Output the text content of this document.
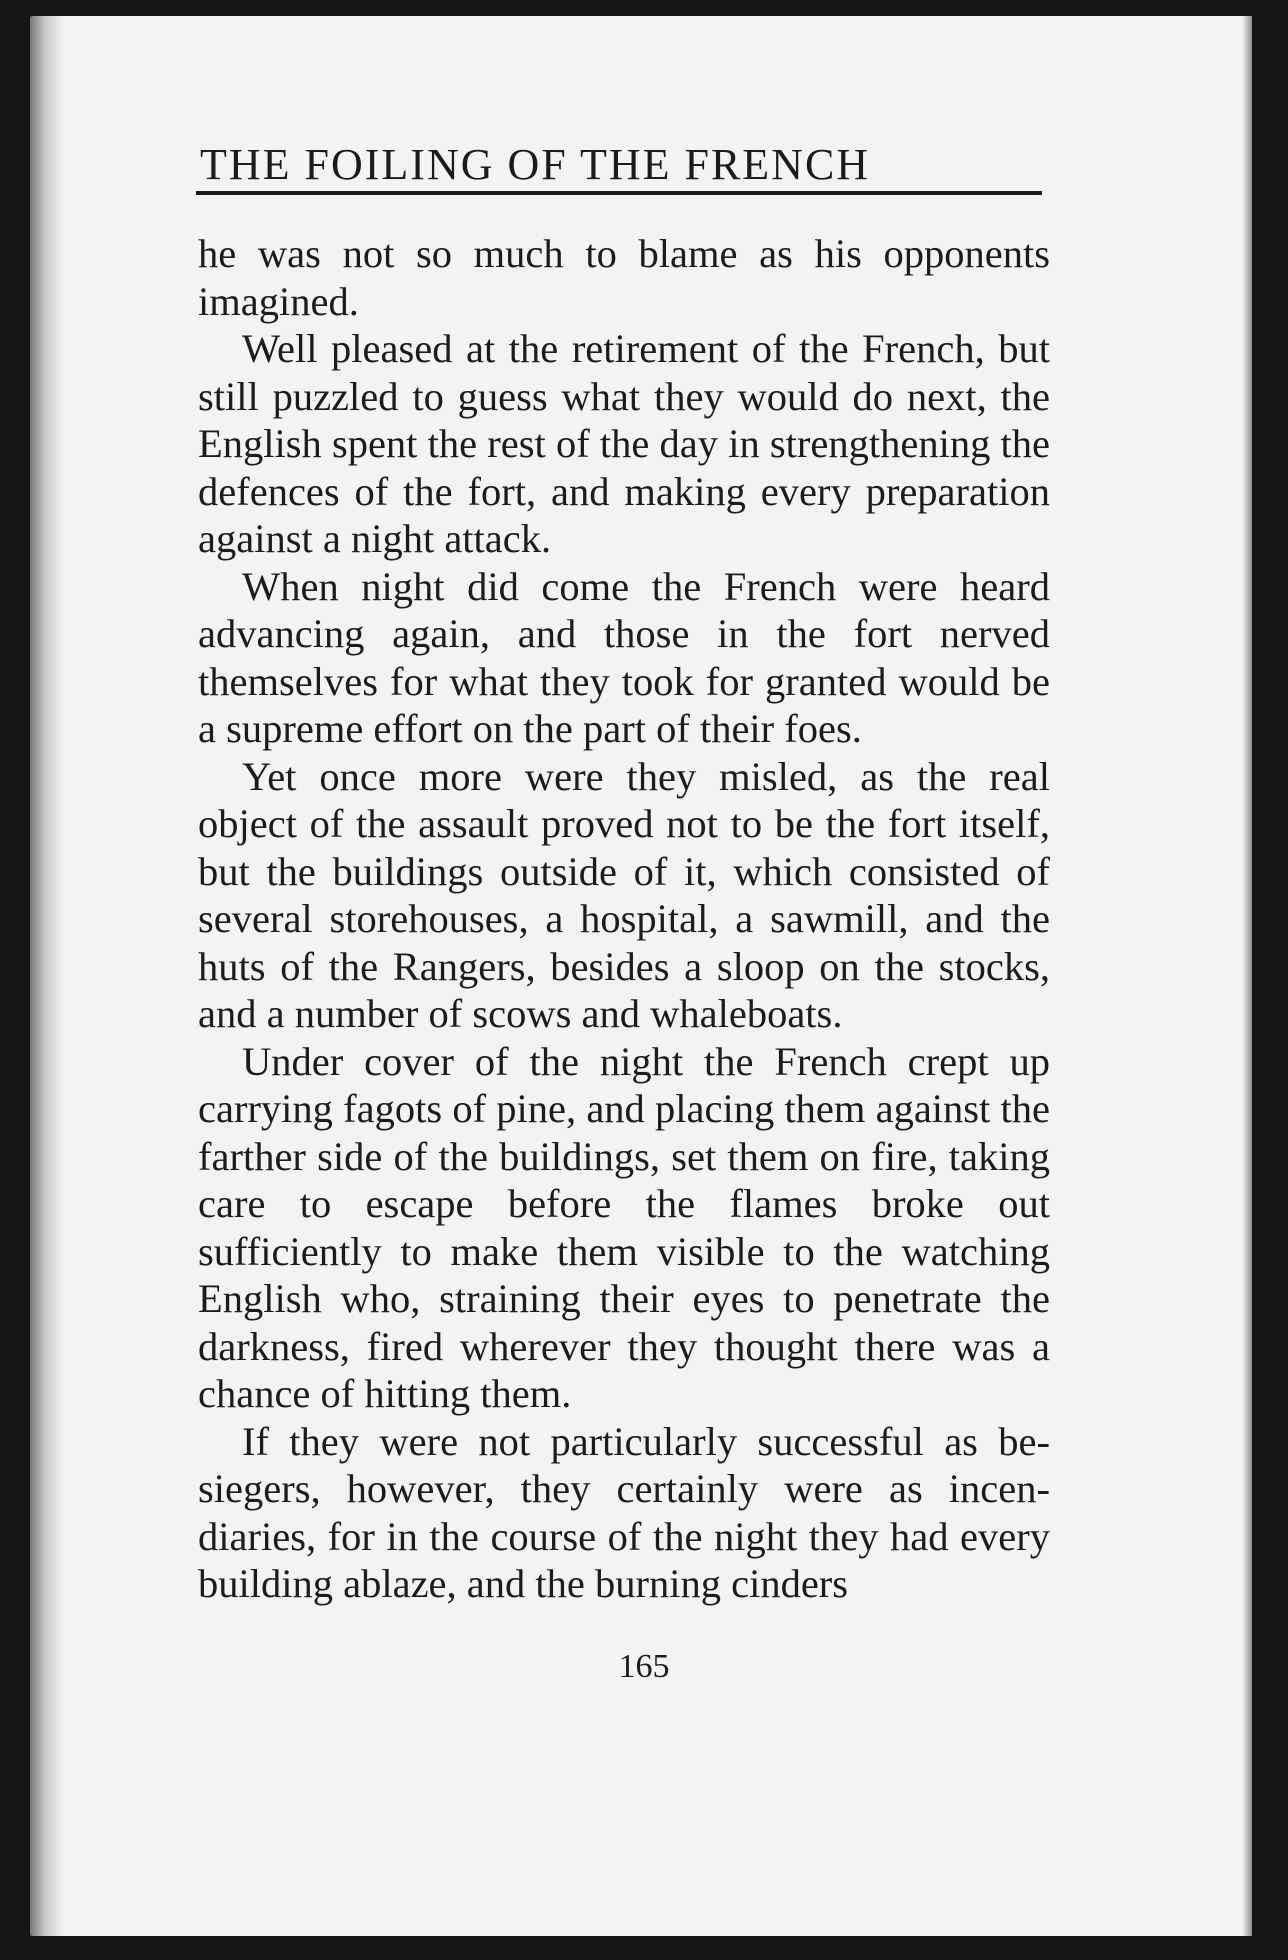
THE FOILING OF THE FRENCH

he was not so much to blame as his opponents imagined.

Well pleased at the retirement of the French, but still puzzled to guess what they would do next, the English spent the rest of the day in strengthening the defences of the fort, and making every preparation against a night attack.

When night did come the French were heard advancing again, and those in the fort nerved themselves for what they took for granted would be a supreme effort on the part of their foes.

Yet once more were they misled, as the real object of the assault proved not to be the fort itself, but the buildings outside of it, which consisted of several storehouses, a hospital, a sawmill, and the huts of the Rangers, besides a sloop on the stocks, and a number of scows and whaleboats.

Under cover of the night the French crept up carrying fagots of pine, and placing them against the farther side of the buildings, set them on fire, taking care to escape before the flames broke out sufficiently to make them visible to the watching English who, straining their eyes to penetrate the darkness, fired wherever they thought there was a chance of hitting them.

If they were not particularly successful as besiegers, however, they certainly were as incendiaries, for in the course of the night they had every building ablaze, and the burning cinders

165
